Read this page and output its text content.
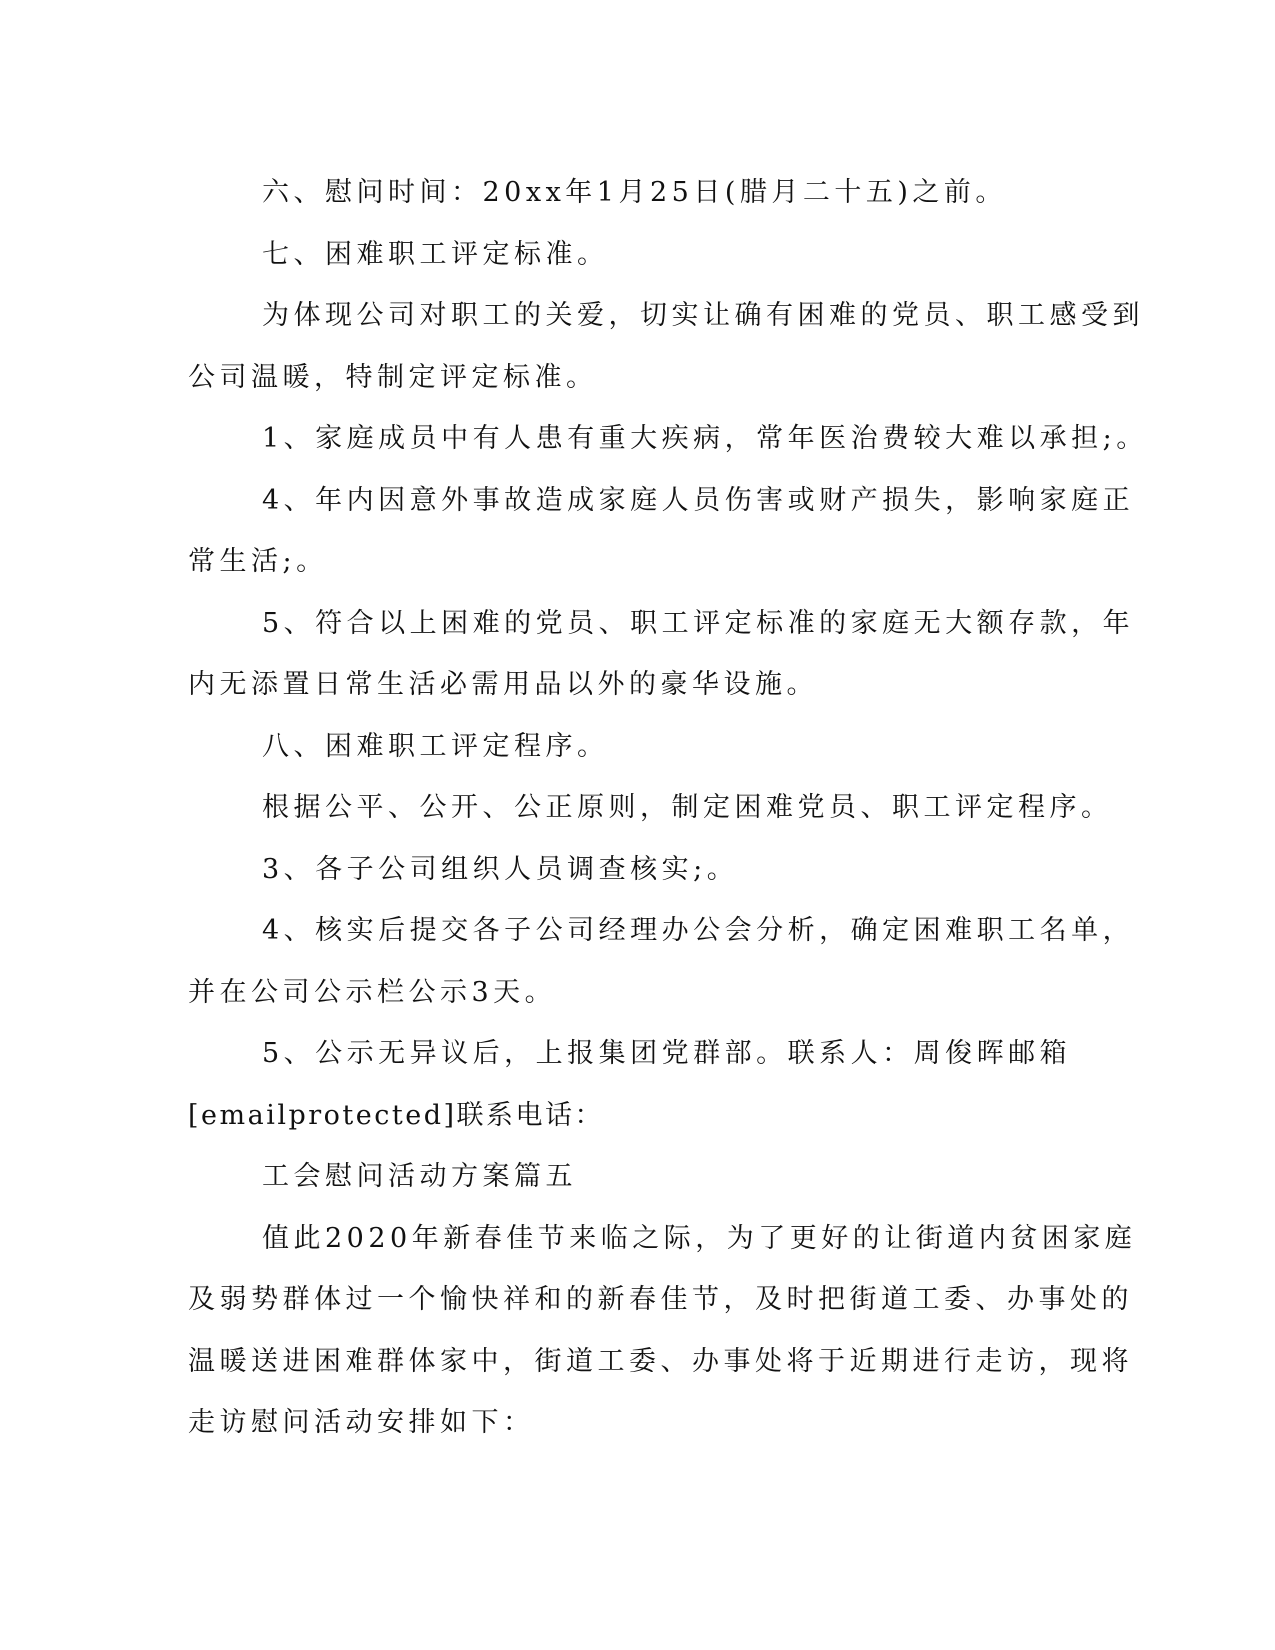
六、慰问时间：20xx年1月25日(腊月二十五)之前。
七、困难职工评定标准。
为体现公司对职工的关爱，切实让确有困难的党员、职工感受到
公司温暖，特制定评定标准。
1、家庭成员中有人患有重大疾病，常年医治费较大难以承担;。
4、年内因意外事故造成家庭人员伤害或财产损失，影响家庭正
常生活;。
5、符合以上困难的党员、职工评定标准的家庭无大额存款，年
内无添置日常生活必需用品以外的豪华设施。
八、困难职工评定程序。
根据公平、公开、公正原则，制定困难党员、职工评定程序。
3、各子公司组织人员调查核实;。
4、核实后提交各子公司经理办公会分析，确定困难职工名单，
并在公司公示栏公示3天。
5、公示无异议后，上报集团党群部。联系人：周俊晖邮箱
[emailprotected]联系电话：
工会慰问活动方案篇五
值此2020年新春佳节来临之际，为了更好的让街道内贫困家庭
及弱势群体过一个愉快祥和的新春佳节，及时把街道工委、办事处的
温暖送进困难群体家中，街道工委、办事处将于近期进行走访，现将
走访慰问活动安排如下：
